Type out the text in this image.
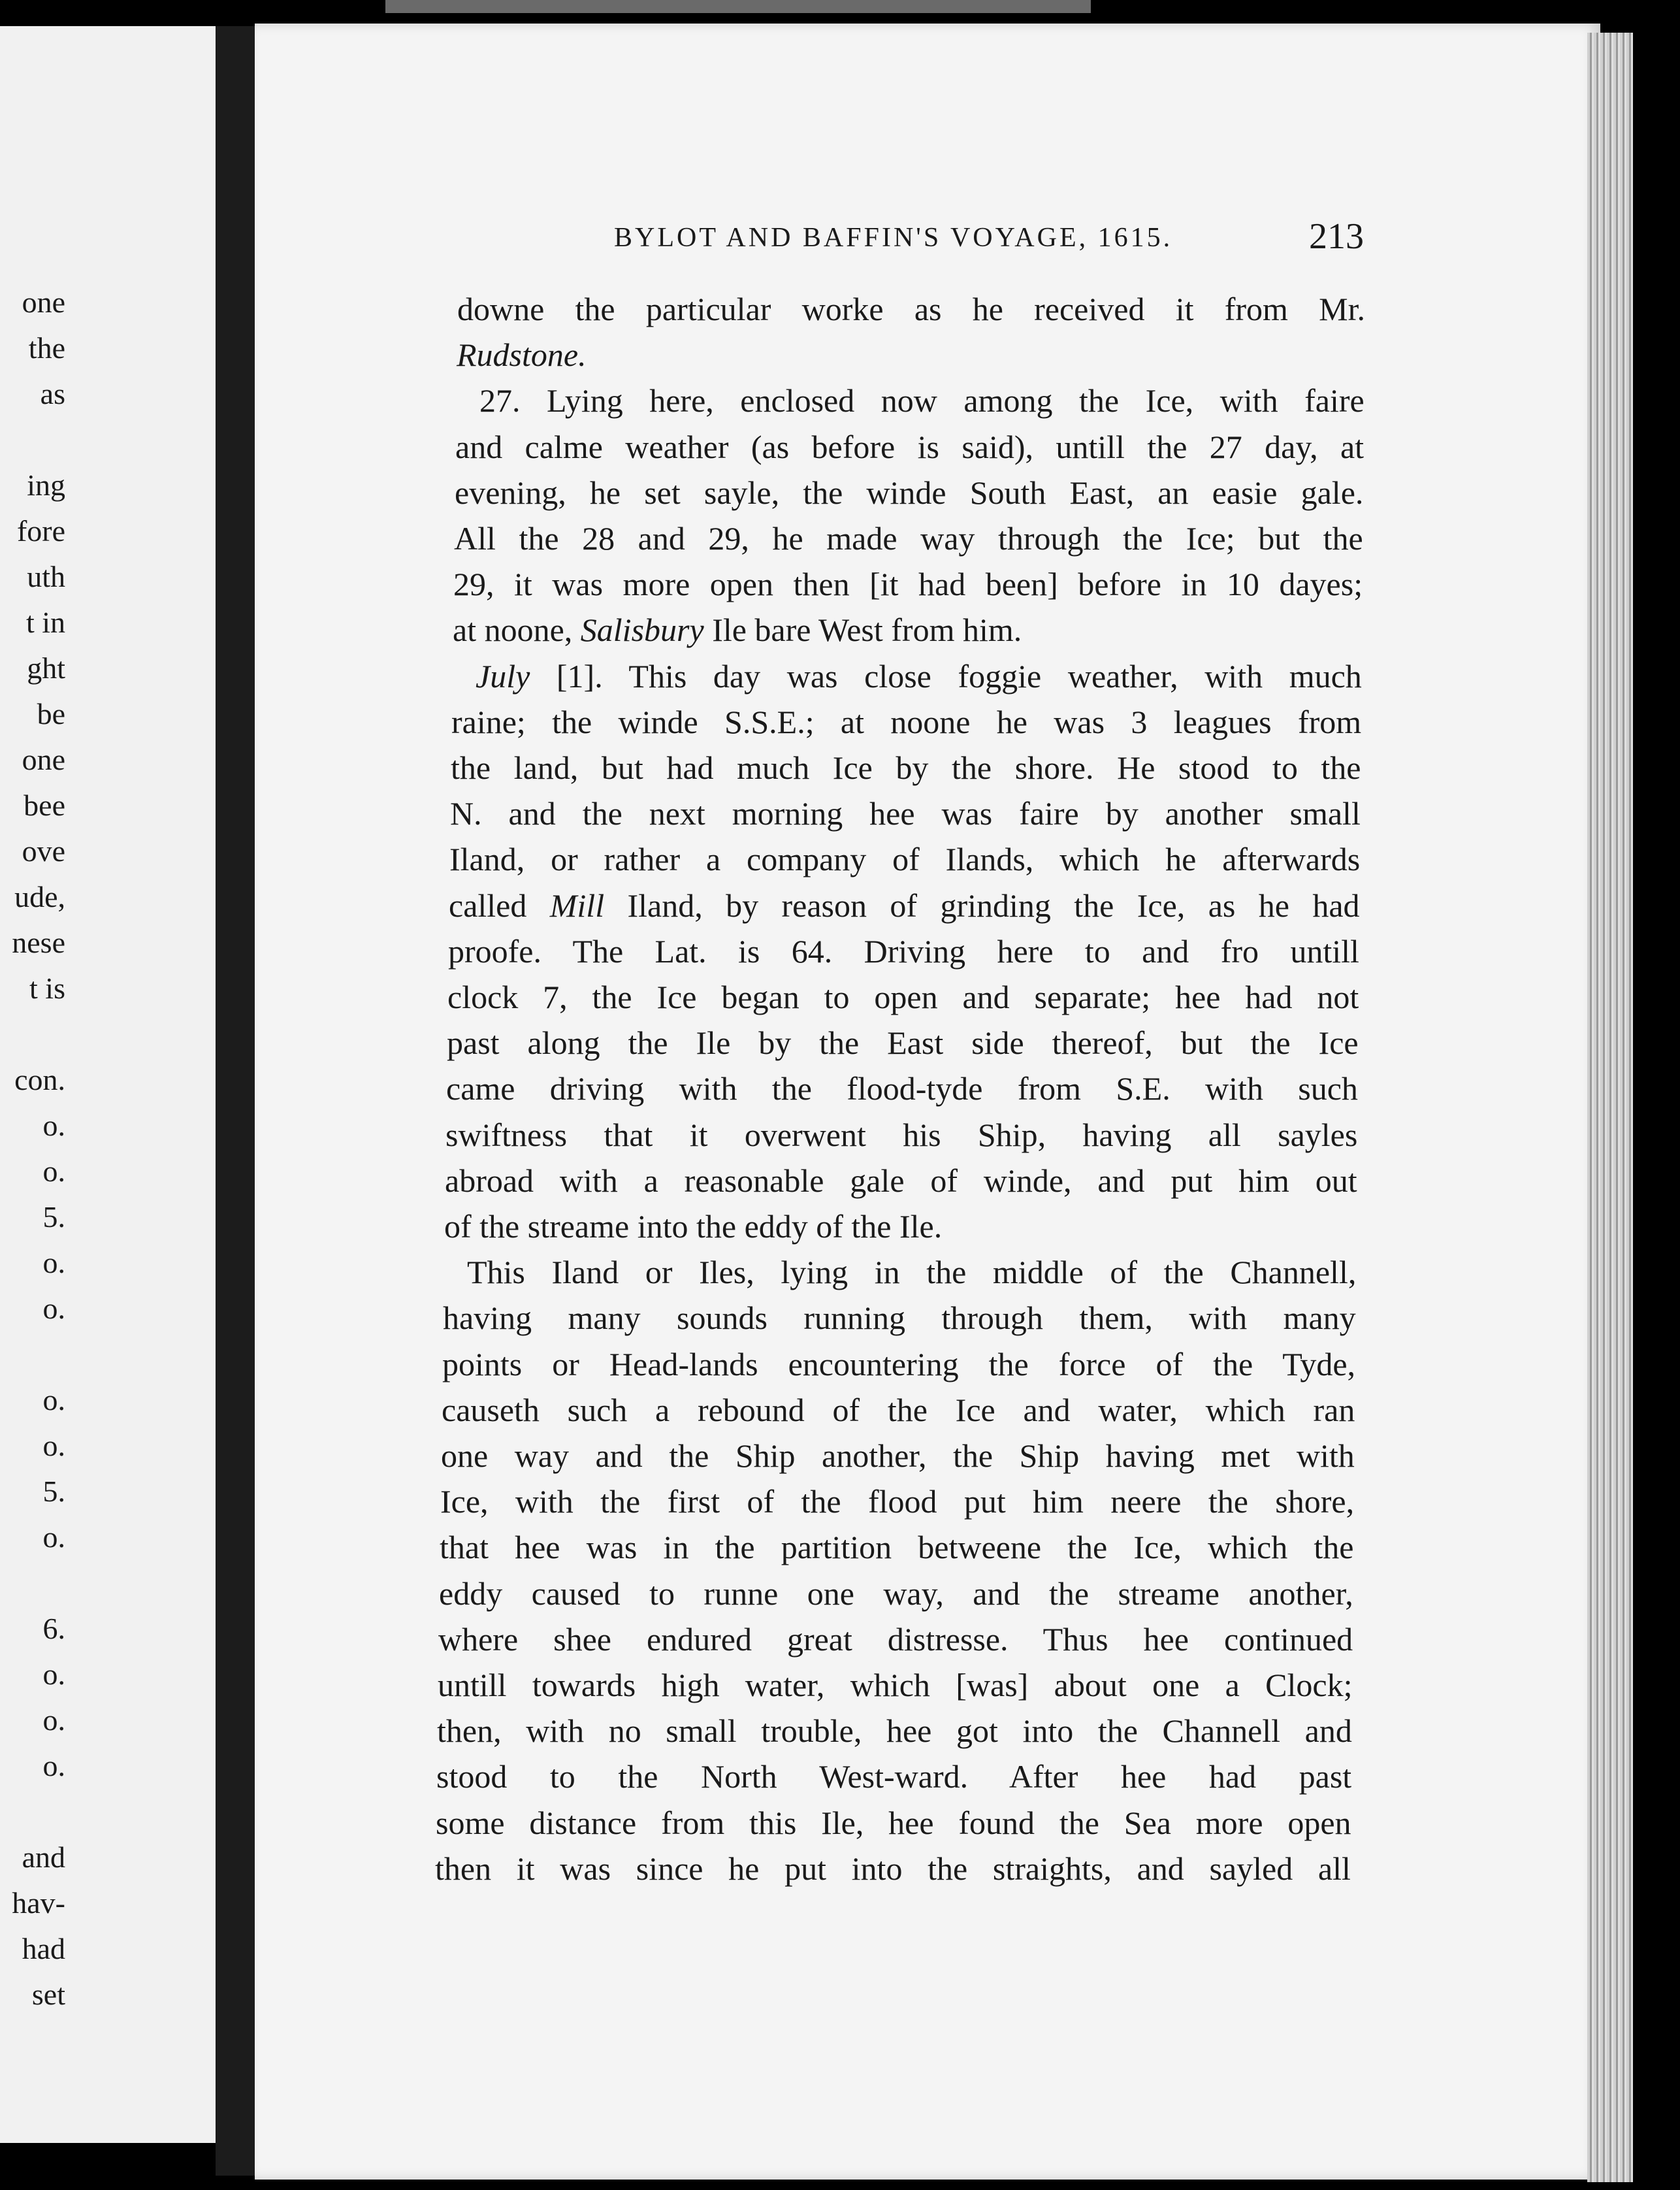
one
the
as
ing
fore
uth
t in
ght
be
one
bee
ove
ude,
nese
t is
con.
o.
o.
5.
o.
o.
o.
o.
5.
o.
6.
o.
o.
o.
and
hav-
had
set
BYLOT AND BAFFIN'S VOYAGE, 1615.	213
downe the particular worke as he received it from Mr.
Rudstone.
27. Lying here, enclosed now among the Ice, with faire
and calme weather (as before is said), untill the 27 day, at
evening, he set sayle, the winde South East, an easie gale.
All the 28 and 29, he made way through the Ice; but the
29, it was more open then [it had been] before in 10 dayes;
at noone, Salisbury Ile bare West from him.
July [1]. This day was close foggie weather, with much
raine; the winde S.S.E.; at noone he was 3 leagues from
the land, but had much Ice by the shore. He stood to the
N. and the next morning hee was faire by another small
Iland, or rather a company of Ilands, which he afterwards
called Mill Iland, by reason of grinding the Ice, as he had
proofe. The Lat. is 64. Driving here to and fro untill
clock 7, the Ice began to open and separate; hee had not
past along the Ile by the East side thereof, but the Ice
came driving with the flood-tyde from S.E. with such
swiftness that it overwent his Ship, having all sayles
abroad with a reasonable gale of winde, and put him out
of the streame into the eddy of the Ile.
This Iland or Iles, lying in the middle of the Channell,
having many sounds running through them, with many
points or Head-lands encountering the force of the Tyde,
causeth such a rebound of the Ice and water, which ran
one way and the Ship another, the Ship having met with
Ice, with the first of the flood put him neere the shore,
that hee was in the partition betweene the Ice, which the
eddy caused to runne one way, and the streame another,
where shee endured great distresse. Thus hee continued
untill towards high water, which [was] about one a Clock;
then, with no small trouble, hee got into the Channell and
stood to the North West-ward. After hee had past
some distance from this Ile, hee found the Sea more open
then it was since he put into the straights, and sayled all
